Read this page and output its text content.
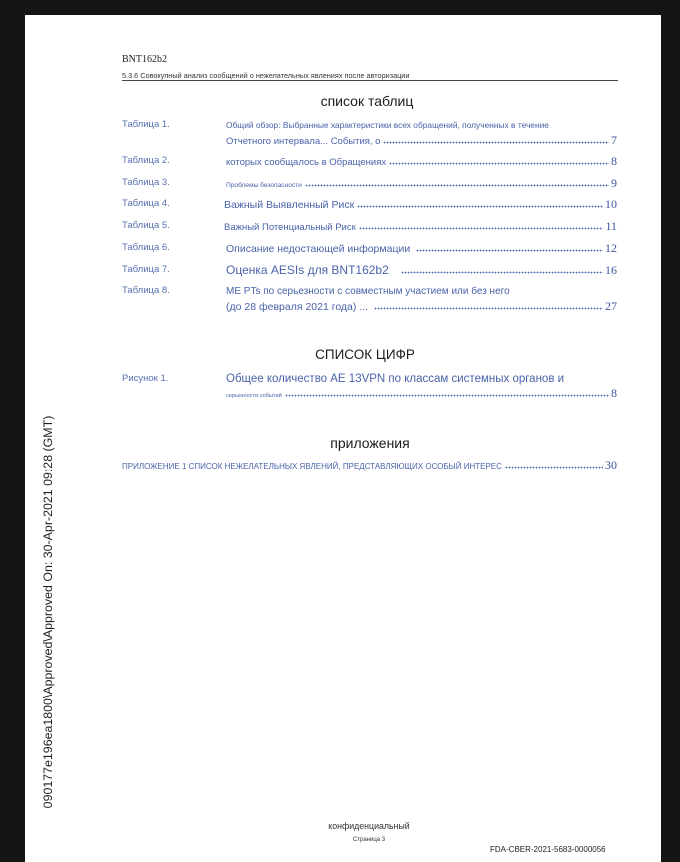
BNT162b2
5.3.6 Совокупный анализ сообщений о нежелательных явлениях после авторизации
список таблиц
Таблица 1.	Общий обзор: Выбранные характеристики всех обращений, полученных в течение
Отчетного интервала... События, о	7
Таблица 2.	которых сообщалось в Обращениях	8
Таблица 3.	Проблемы безопасности	9
Таблица 4.	Важный Выявленный Риск	10
Таблица 5.	Важный Потенциальный Риск	11
Таблица 6.	Описание недостающей информации	12
Таблица 7.	Оценка AESIs для BNT162b2	16
Таблица 8.	ME PTs по серьезности с совместным участием или без него
(до 28 февраля 2021 года) ...	27
СПИСОК ЦИФР
Рисунок 1.	Общее количество AE 13VPN по классам системных органов и
серьезности событий	8
приложения
ПРИЛОЖЕНИЕ 1 СПИСОК НЕЖЕЛАТЕЛЬНЫХ ЯВЛЕНИЙ, ПРЕДСТАВЛЯЮЩИХ ОСОБЫЙ ИНТЕРЕС	30
090177e196ea1800\Approved\Approved On: 30-Apr-2021 09:28 (GMT)
конфиденциальный
Страница 3
FDA-CBER-2021-5683-0000056
